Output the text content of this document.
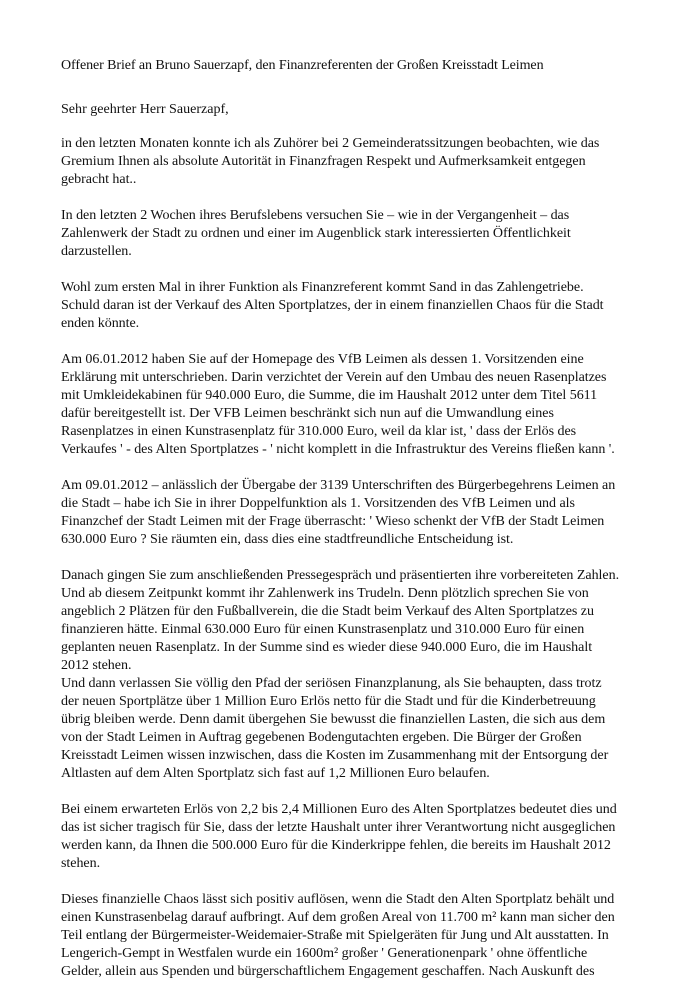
Offener Brief an Bruno Sauerzapf, den Finanzreferenten der Großen Kreisstadt Leimen
Sehr geehrter Herr Sauerzapf,
in den letzten Monaten konnte ich als Zuhörer bei 2 Gemeinderatssitzungen beobachten, wie das
Gremium Ihnen als absolute Autorität in Finanzfragen Respekt und Aufmerksamkeit entgegen
gebracht hat..
In den letzten 2 Wochen ihres Berufslebens versuchen Sie – wie in der Vergangenheit – das
Zahlenwerk der Stadt zu ordnen und einer im Augenblick stark interessierten Öffentlichkeit
darzustellen.
Wohl zum ersten Mal in ihrer Funktion als Finanzreferent kommt Sand in das Zahlengetriebe.
Schuld daran ist der Verkauf des Alten Sportplatzes, der in einem finanziellen Chaos für die Stadt
enden könnte.
Am 06.01.2012 haben Sie auf der Homepage des VfB Leimen als dessen 1. Vorsitzenden eine
Erklärung mit unterschrieben. Darin verzichtet der Verein auf den Umbau des neuen Rasenplatzes
mit Umkleidekabinen für 940.000 Euro, die Summe, die im Haushalt 2012 unter dem Titel 5611
dafür bereitgestellt ist. Der VFB Leimen beschränkt sich nun auf die Umwandlung eines
Rasenplatzes in einen Kunstrasenplatz für 310.000 Euro, weil da klar ist, ' dass der Erlös des
Verkaufes ' - des Alten Sportplatzes - ' nicht komplett in die Infrastruktur des Vereins fließen kann '.
Am 09.01.2012 – anlässlich der Übergabe der 3139 Unterschriften des Bürgerbegehrens Leimen an
die Stadt – habe ich Sie in ihrer Doppelfunktion als 1. Vorsitzenden des VfB Leimen und als
Finanzchef der Stadt Leimen mit der Frage überrascht: ' Wieso schenkt der VfB der Stadt Leimen
630.000 Euro ? Sie räumten ein, dass dies eine stadtfreundliche Entscheidung ist.
Danach gingen Sie zum anschließenden Pressegespräch und präsentierten ihre vorbereiteten Zahlen.
Und ab diesem Zeitpunkt kommt ihr Zahlenwerk ins Trudeln. Denn plötzlich sprechen Sie von
angeblich 2 Plätzen für den Fußballverein, die die Stadt beim Verkauf des Alten Sportplatzes zu
finanzieren hätte. Einmal 630.000 Euro für einen Kunstrasenplatz und 310.000 Euro für einen
geplanten neuen Rasenplatz. In der Summe sind es wieder diese 940.000 Euro, die im Haushalt
2012 stehen.
Und dann verlassen Sie völlig den Pfad der seriösen Finanzplanung, als Sie behaupten, dass trotz
der neuen Sportplätze über 1 Million Euro Erlös netto für die Stadt und für die Kinderbetreuung
übrig bleiben werde. Denn damit übergehen Sie bewusst die finanziellen Lasten, die sich aus dem
von der Stadt Leimen in Auftrag gegebenen Bodengutachten ergeben. Die Bürger der Großen
Kreisstadt Leimen wissen inzwischen, dass die Kosten im Zusammenhang mit der Entsorgung der
Altlasten auf dem Alten Sportplatz sich fast auf 1,2 Millionen Euro belaufen.
Bei einem erwarteten Erlös von 2,2 bis 2,4 Millionen Euro des Alten Sportplatzes bedeutet dies und
das ist sicher tragisch für Sie, dass der letzte Haushalt unter ihrer Verantwortung nicht ausgeglichen
werden kann, da Ihnen die 500.000 Euro für die Kinderkrippe fehlen, die bereits im Haushalt 2012
stehen.
Dieses finanzielle Chaos lässt sich positiv auflösen, wenn die Stadt den Alten Sportplatz behält und
einen Kunstrasenbelag darauf aufbringt. Auf dem großen Areal von 11.700 m² kann man sicher den
Teil entlang der Bürgermeister-Weidemaier-Straße mit Spielgeräten für Jung und Alt ausstatten. In
Lengerich-Gempt in Westfalen wurde ein 1600m² großer ' Generationenpark ' ohne öffentliche
Gelder, allein aus Spenden und bürgerschaftlichem Engagement geschaffen. Nach Auskunft des
